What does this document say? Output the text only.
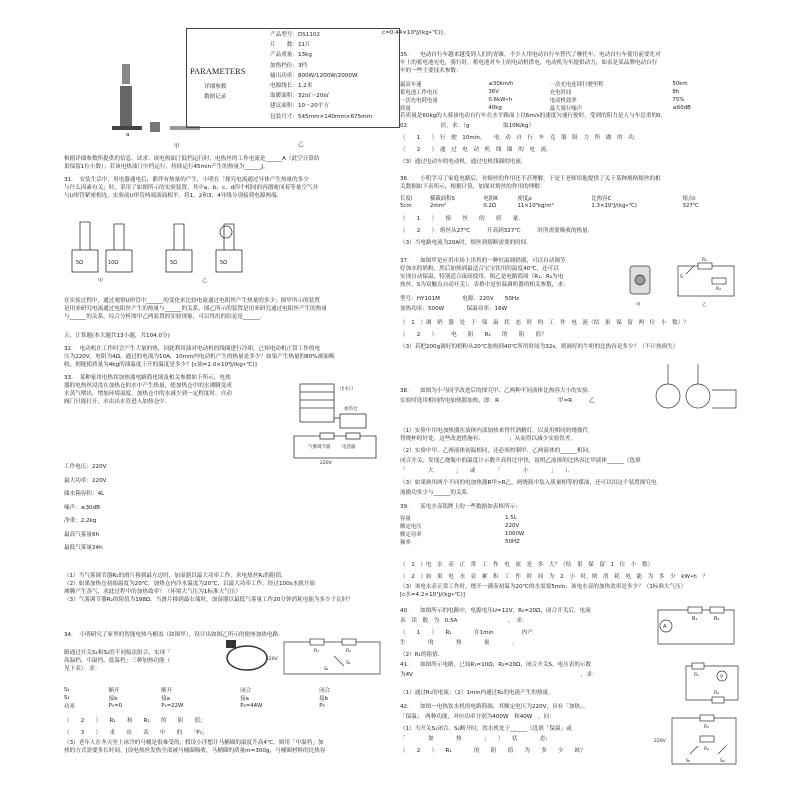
PARAMETERS
详细参数
数据记录
产品型号：DS1102
片　　数：11片
产品重量：13kg
加热档位：3档
输出功率：800W/1200W/2000W
电源线长：1.2米
取暖面积：32㎡～20㎡
建议面积：10～20平方
包装尺寸：545mm×140mm×675mm
a
甲	乙
根据详细参数所提供的信息，试求：该电热油汀低档运行时，电热丝的工作电流是______A（此空计算结
果保留1位小数）；若该电热油汀中档运行，持续运行45min产生的热量为______J。
31．　安装生活中，用电器通电后，都伴有热量的产生，小明在「探究电流通过导体产生热量的多少
与什么因素有关」时，采用了如图所示的实验装置，其中a、b、c、d四个相同的容器密闭着等量空气并
与U形管紧密相连，实验前U形管两端液面相平，将1、2和3、4导线分别接到电源两端．
5Ω	10Ω	5Ω	5Ω
甲	乙
在实验过程中，通过观察U形管中______的变化来比较电流通过电阻丝产生热量的多少；图甲所示的装置
是用来研究电流通过电阻丝产生的热量与______的关系，图乙所示的装置是用来研究通过电阻丝产生的热量
与______的关系，综合分析图甲乙两装置的实验现象，可以得出的结论是______．
五、计算题(本大题共13小题，共104.0分)
32．　电动机在工作时会产生大量的热，因此利用油对电动机的线圈进行冷却，已知电动机正常工作的电
压为220V，电阻为4Ω，通过的电流为10A，10min内电动机产生的热量是多少？如果产生热量的80%被油吸
收，则能使质量为4kg的油温度上升的温度是多少？[c油=2.0×10³J/(kg•℃)]
33．　某种家用电热饮加热器电路简化图及相关参数如下所示，电热
器的电热丝浸没在加热仓的水中产生热量，使加热仓中的水沸腾变成
水蒸气喷出，增加环境湿度，加热仓中的水减少到一定程度时，自动
阀门只能打开，水由出水管进入加热仓中。
出水口
加热仓
气雾调节器	电热器
220V
工作电压：220V
最大功率：220V
储水箱容积：4L
噪声：≤30dB
净重：2.2kg
最高气雾量6h
最低气雾量24h
（1）当气雾调节器R₂的滑片移到最左边时，加湿器以最大功率工作，求电热丝R₁的阻值。
（2）如果加热仓初始温度为20℃，加热仓内冷水温度为20℃，以最大功率工作，经过100s水就开始
沸腾产生蒸气，求此过程中的加热效率？（环境大气压为1标准大气压）
（3）气雾调节器R₂的阻值为198Ω，当滑片移到最右端时，加湿器以最低气雾量工作20分钟消耗电能为多少千瓦时？
34．　小明研究了家里的智能电热马桶盖（如图甲），设计出如图乙所示的便座加热电路．
路通过开关S₁和S₂的不同接法组合，实现「
高温档、中温档、低温档」三种加热功能（
见下表）．求：
220V
R₁	R₂
S₁
S₂
S₁	断开	断开	闭合	闭合
S₂	接b	接a	接a	接b
功率	P₀=0	P₁=22W	P₂=44W	P₃
（　　2　　）　　R₁　　和　　R₂　　的　　阻　　值；
（　　3　　）　　求　　出　　表　　中　　的　　「P₃」
（3）老年人在冬天坐上冰冷的马桶是很难受的，假设小洋想让马桶圈的温度升高4℃，则用「中温档」加
热的方式需要多长时间。[设电热丝发热全部被马桶圈吸收，马桶圈的质量m=300g，马桶圈材料的比热容
c=0.44×10³J/(kg•℃)]。
35.　　电动自行车越来越受到人们的青睐，不少人用电动自行车替代了摩托车，电动自行车使用前要先对
车上的蓄电池充电，骑行时，蓄电池对车上的电动机供电，电动机为车提供动力，如表是某品牌电动自行
车的一些主要技术参数：
最高车速	≤30km/h	一次充电连续行驶里程	50km
蓄电池工作电压	36V	充电时间	8h
一次充电耗电量	0.6kW•h	电动机效率	75%
质量	40kg	最大骑行噪声	≤60dB
若质量是60kg的人骑该电动自行车在水平路面上以6m/s的速度匀速行驶时，受到的阻力是人与车总重的0.
02　　　　　　倍，求：（g　　　　　　取10N/kg）
（　　1　　）　行　驶　10min，　　电　动　自　行　车　克　服　阻　力　所　做　的　功．
（　　2　　）　通　过　电　动　机　线　圈　的　电　流．
（3）通过电动车的电动机，通过电机线圈的电流．
36.　　小明学习了家庭电路后，对熔丝的作用还不甚理解，于是王老师给他提供了关于某种规格熔丝的相
关数据如下表所示，根据计算，加深对熔丝的作用的理解：
长度l	横截面积S	电阻R	密度ρ	比热容C	熔点t
5cm	2mm²	0.2Ω	11×10³kg/m³	1.3×10²J/(kg•℃)	327℃
（　　1　　）　　熔　　丝　　的　　质　　量．
（　　2　　）　熔丝从27℃　　　升高到327℃　　　时所需要吸收的热量．
（3）当电路电流为20A时，熔丝到熔断需要的时间．
37.　　如图甲是应用市场上出售的一种恒温调奶器，可以自动调节
好加水的奶粉，然后加热到最适合宝宝饮用的温度40℃，还可以
实现自动保温，特别适合夜间使用。图乙是电路简图（R₁、R₂为电
热丝，S为双触点自动开关），表格中是恒温调奶器的相关参数，求：
R₁
R₂
S
甲	乙
型号：HY101M　　　　电源：220V　　50Hz
加热功率：500W　　　　保温功率：16W
（　1　）调　奶　器　处　于　保　温　状　态　时　的　工　作　电　流（结　果　保　留　两　位　小　数）？
（　　2　　）　　　电　　阻　　R₂　　的　　阻　　值？
（3）若把200g调好的奶粉从20℃加热到40℃所用时间为32s，则调好的牛奶的比热容是多少？（不计热损失）
38.　　如图为小马同学改进后的探究甲、乙两种不同液体比热容大小的实验．
实验时选用相同的电加热器加热，即：R	甲=R　　　乙
（1）实验中用电加热器在液体内部加热来替代酒精灯，以及用相同的烧瓶代
替烧杯的好处，这些改进措施有：　　　　　；从而得以减少实验误差。
（2）实验中甲、乙两液体初温相同，还必须控制甲、乙两液体的______相同，
闭合开关，发现乙烧瓶中的温度计示数升高得比甲快，说明乙液体的比热容比甲液体______（选填
「　　　　大　　　　」　　或　　　　「　　　　小　　　　」　　）．
（3）如果换用两个不同的电加热器R甲>R乙，两烧瓶中装入质量相等的煤油，还可以用这个装置探究电
流做功多少与______的关系．
39.　　某电水壶铭牌上的一些数据如表格所示：
容量	1.5L
额定电压	220V
额定功率	1000W
频率	50HZ
（　1　）电　水　壶　正　常　工　作　电　流　是　多　大？（结　果　保　留　1　位　小　数）
（　2　）如　果　电　水　壶　累　积　工　作　时　间　为　2　小　时，则　消　耗　电　能　为　多　少　kW•h　？
（3）该电水壶正常工作时，烧开一满壶初温为20℃的水需要5min，该电水壶的加热效率是多少？（1标准大气压）
[c水=4.2×10³J/(kg•℃)]
A
R₁	R₂
40.　　如图所示的电路中，电源电压U=12V，R₂=20Ω，闭合开关后，电流
表　读　数　为　0.5A　　　　　　　　　，　求：
（　　1　　）　　R₁　　　　在1min　　　　　内产
生　　　　的　　　　热　　　　量　　　　；
（2）R₁的阻值．
41.　　如图所示电路，已知R₁=10Ω，R₂=20Ω，闭合开关S，电压表的示数
为4V　　　　　　　　　　　　　　　　　　　　　　　　　　　　　　，求：	V
R₁
R₂
（1）通过R₁的电流；（2）1min内通过R₂的电流产生的热量。
42.　　如图一电热饮水机的电路简图，其额定电压为220V，具有「加热」、
「保温」　两种功能，对应功率分别为400W　和40W　，问：
（1）当开关S₁闭合、S₂断开时，饮水机处于______（选填「保温」或
「　　　　加　　　　热　　　　」　　）　　状　　　　态；
（　　2　　）　　R₁　　　　的　　阻　　值　　为　　多　　少　　欧？
220V
R₁
R₂
S₁	S₂
